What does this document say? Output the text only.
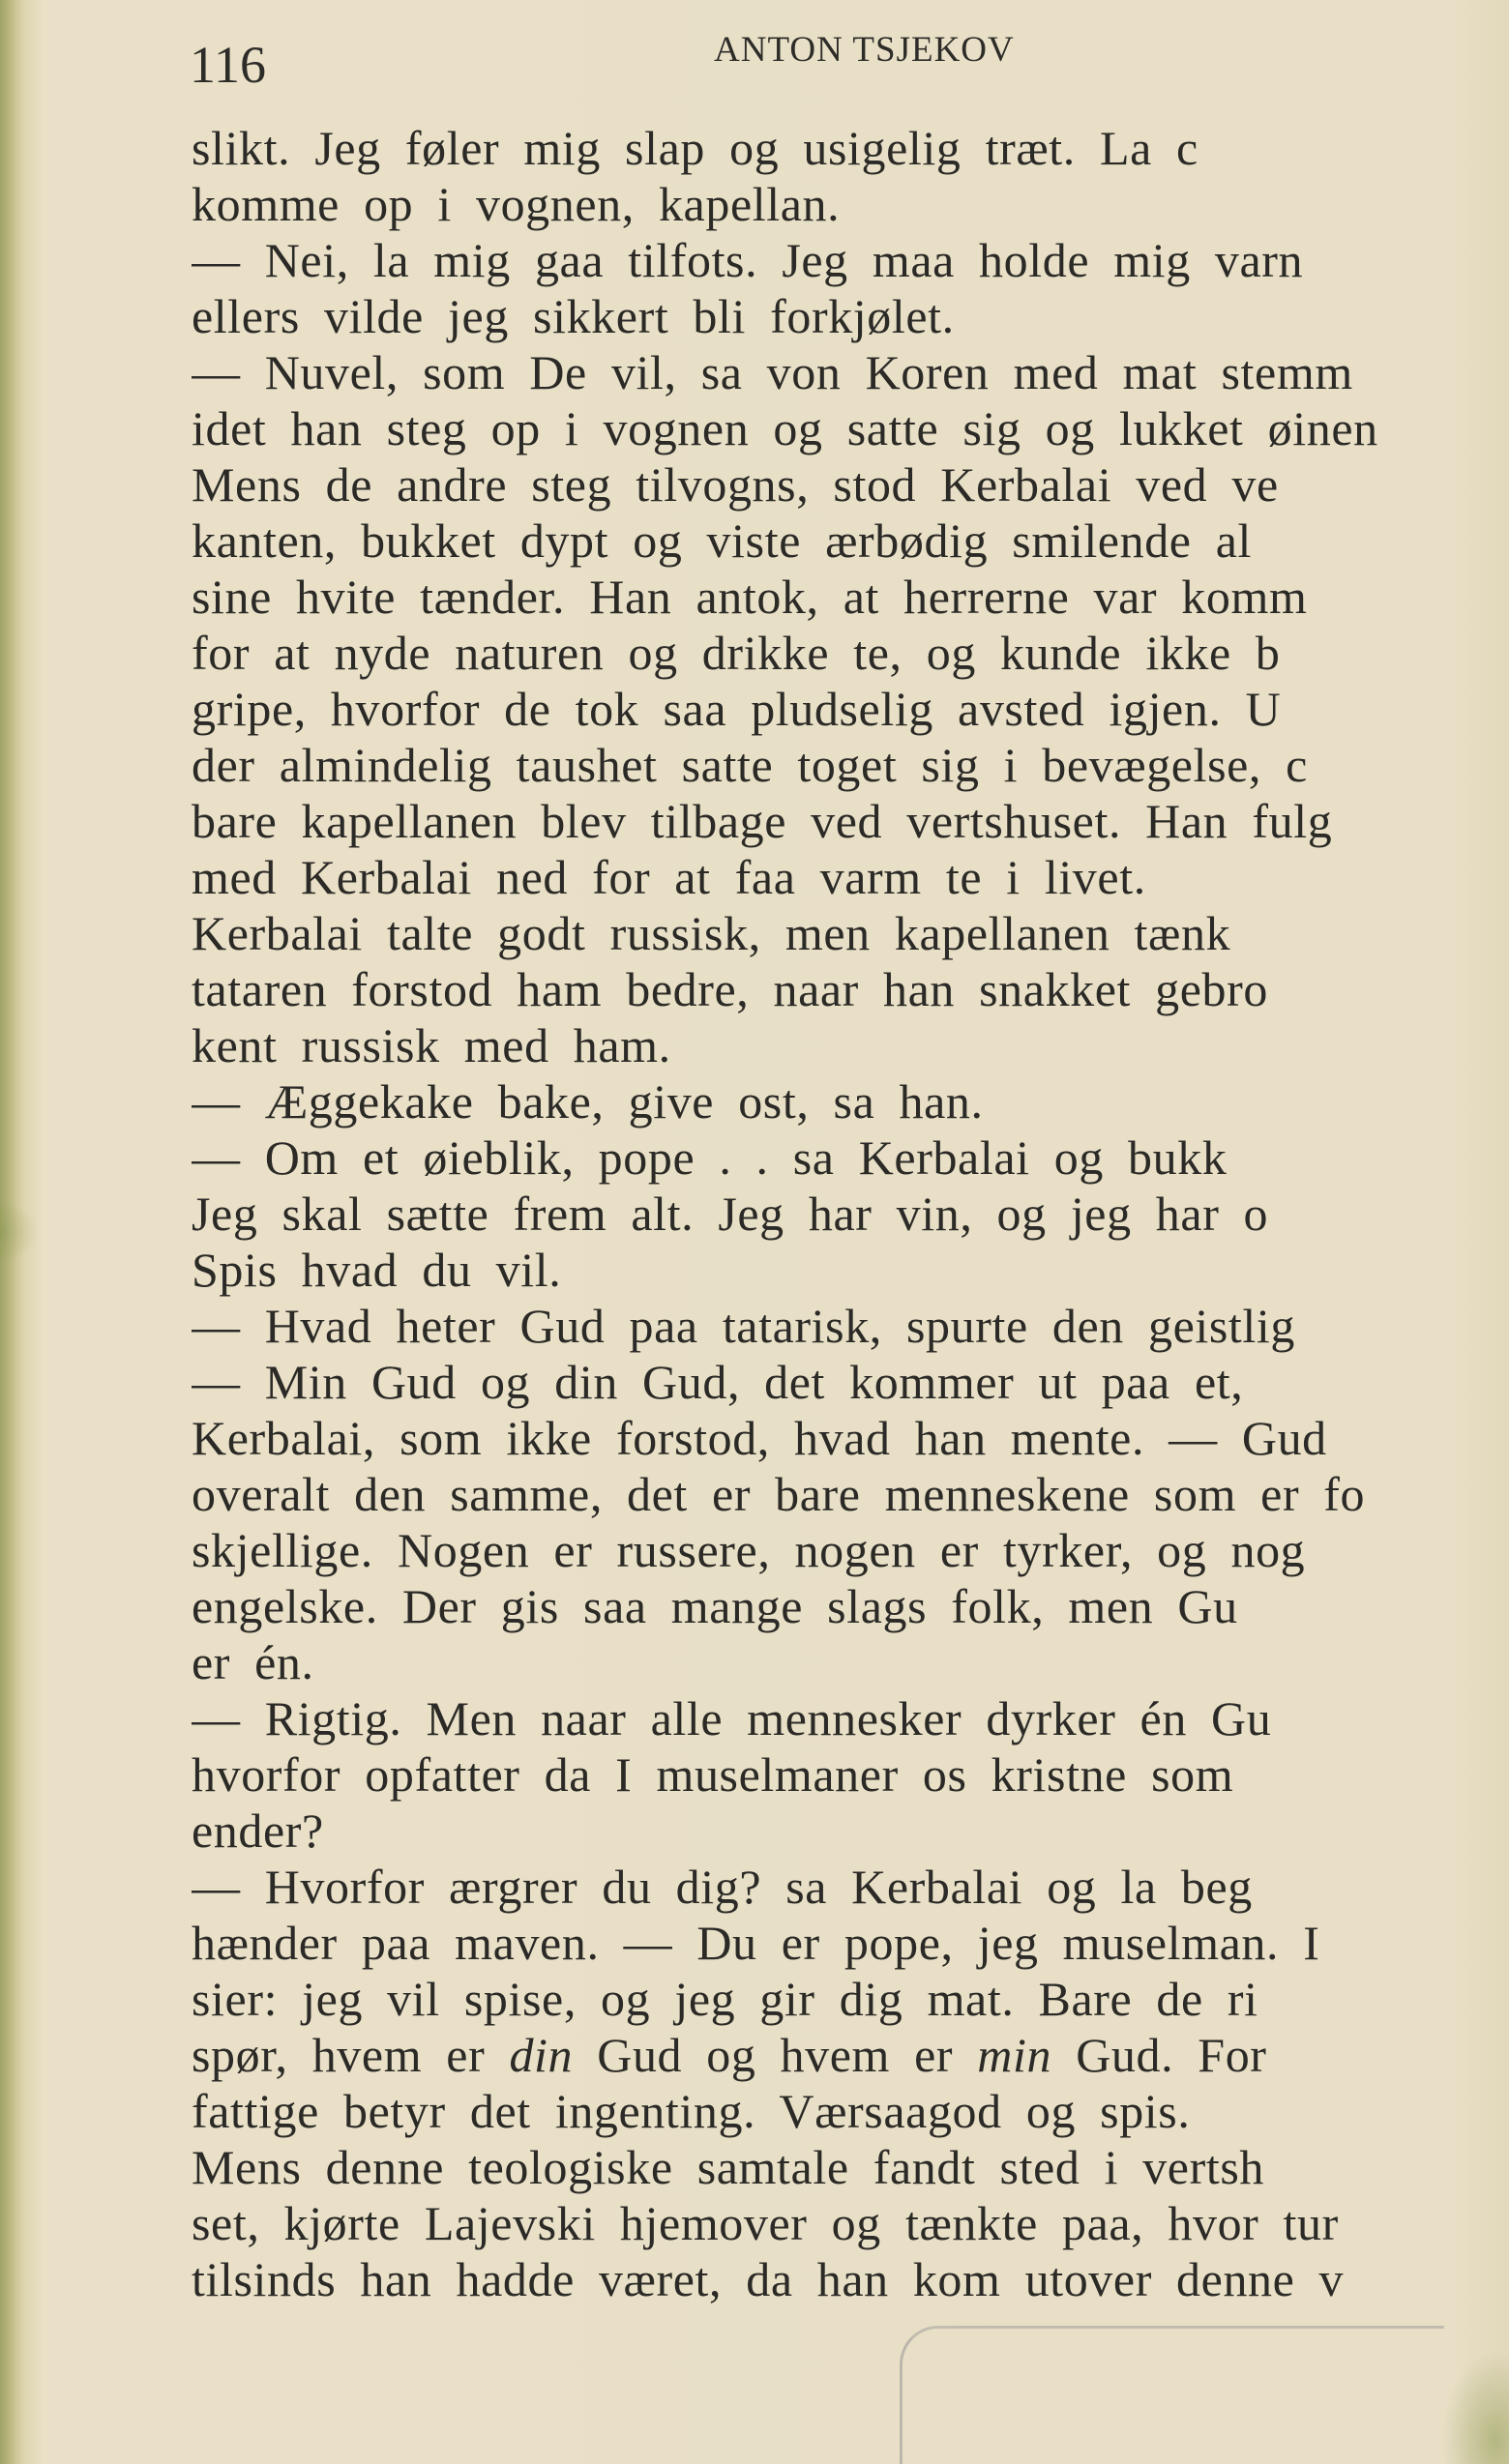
116	ANTON TSJEKOV
slikt. Jeg føler mig slap og usigelig træt. La c
komme op i vognen, kapellan.
— Nei, la mig gaa tilfots. Jeg maa holde mig varn
ellers vilde jeg sikkert bli forkjølet.
— Nuvel, som De vil, sa von Koren med mat stemm
idet han steg op i vognen og satte sig og lukket øinen
Mens de andre steg tilvogns, stod Kerbalai ved ve
kanten, bukket dypt og viste ærbødig smilende al
sine hvite tænder. Han antok, at herrerne var komm
for at nyde naturen og drikke te, og kunde ikke b
gripe, hvorfor de tok saa pludselig avsted igjen. U
der almindelig taushet satte toget sig i bevægelse, c
bare kapellanen blev tilbage ved vertshuset. Han fulg
med Kerbalai ned for at faa varm te i livet.
Kerbalai talte godt russisk, men kapellanen tænk
tataren forstod ham bedre, naar han snakket gebro
kent russisk med ham.
— Æggekake bake, give ost, sa han.
— Om et øieblik, pope . . sa Kerbalai og bukk
Jeg skal sætte frem alt. Jeg har vin, og jeg har o
Spis hvad du vil.
— Hvad heter Gud paa tatarisk, spurte den geistlig
— Min Gud og din Gud, det kommer ut paa et,
Kerbalai, som ikke forstod, hvad han mente. — Gud
overalt den samme, det er bare menneskene som er fo
skjellige. Nogen er russere, nogen er tyrker, og nog
engelske. Der gis saa mange slags folk, men Gu
er én.
— Rigtig. Men naar alle mennesker dyrker én Gu
hvorfor opfatter da I muselmaner os kristne som
ender?
— Hvorfor ærgrer du dig? sa Kerbalai og la beg
hænder paa maven. — Du er pope, jeg muselman. I
sier: jeg vil spise, og jeg gir dig mat. Bare de ri
spør, hvem er din Gud og hvem er min Gud. For
fattige betyr det ingenting. Værsaagod og spis.
Mens denne teologiske samtale fandt sted i vertsh
set, kjørte Lajevski hjemover og tænkte paa, hvor tur
tilsinds han hadde været, da han kom utover denne v
